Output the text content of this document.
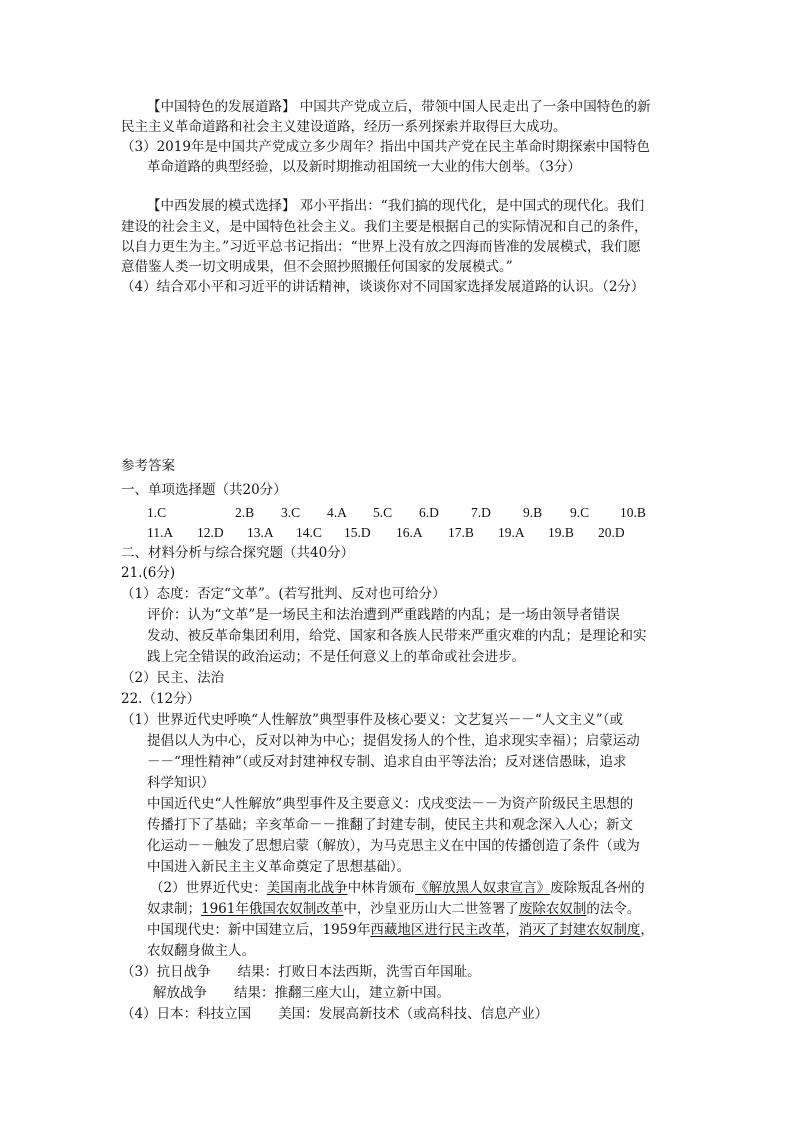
【中国特色的发展道路】 中国共产党成立后，带领中国人民走出了一条中国特色的新
民主主义革命道路和社会主义建设道路，经历一系列探索并取得巨大成功。
（3）2019年是中国共产党成立多少周年？指出中国共产党在民主革命时期探索中国特色
革命道路的典型经验，以及新时期推动祖国统一大业的伟大创举。（3分）
【中西发展的模式选择】 邓小平指出：“我们搞的现代化，是中国式的现代化。我们
建设的社会主义，是中国特色社会主义。我们主要是根据自己的实际情况和自己的条件，
以自力更生为主。”习近平总书记指出：“世界上没有放之四海而皆准的发展模式，我们愿
意借鉴人类一切文明成果，但不会照抄照搬任何国家的发展模式。”
（4）结合邓小平和习近平的讲话精神，谈谈你对不同国家选择发展道路的认识。（2分）
参考答案
一、单项选择题（共20分）
1.C	2.B 3.C 4.A 5.C 6.D 7.D 9.B 9.C 10.B
11.A 12.D 13.A 14.C 15.D 16.A 17.B 19.A 19.B 20.D
二、材料分析与综合探究题（共40分）
21.(6分)
（1）态度：否定“文革”。(若写批判、反对也可给分）
评价：认为“文革”是一场民主和法治遭到严重践踏的内乱；是一场由领导者错误
发动、被反革命集团利用，给党、国家和各族人民带来严重灾难的内乱；是理论和实
践上完全错误的政治运动；不是任何意义上的革命或社会进步。
（2）民主、法治
22.（12分）
（1）世界近代史呼唤“人性解放”典型事件及核心要义：文艺复兴－－“人文主义”（或
提倡以人为中心，反对以神为中心；提倡发扬人的个性，追求现实幸福）；启蒙运动
－－“理性精神”（或反对封建神权专制、追求自由平等法治；反对迷信愚昧，追求
科学知识）
中国近代史“人性解放”典型事件及主要意义：戊戌变法－－为资产阶级民主思想的
传播打下了基础；辛亥革命－－推翻了封建专制，使民主共和观念深入人心；新文
化运动－－触发了思想启蒙（解放），为马克思主义在中国的传播创造了条件（或为
中国进入新民主主义革命奠定了思想基础）。
（2）世界近代史：美国南北战争中林肯颁布《解放黑人奴隶宣言》废除叛乱各州的
奴隶制；1961年俄国农奴制改革中，沙皇亚历山大二世签署了废除农奴制的法令。
中国现代史：新中国建立后，1959年西藏地区进行民主改革，消灭了封建农奴制度，
农奴翻身做主人。
（3）抗日战争　　结果：打败日本法西斯，洗雪百年国耻。
解放战争　　结果：推翻三座大山，建立新中国。
（4）日本：科技立国　　美国：发展高新技术（或高科技、信息产业）
